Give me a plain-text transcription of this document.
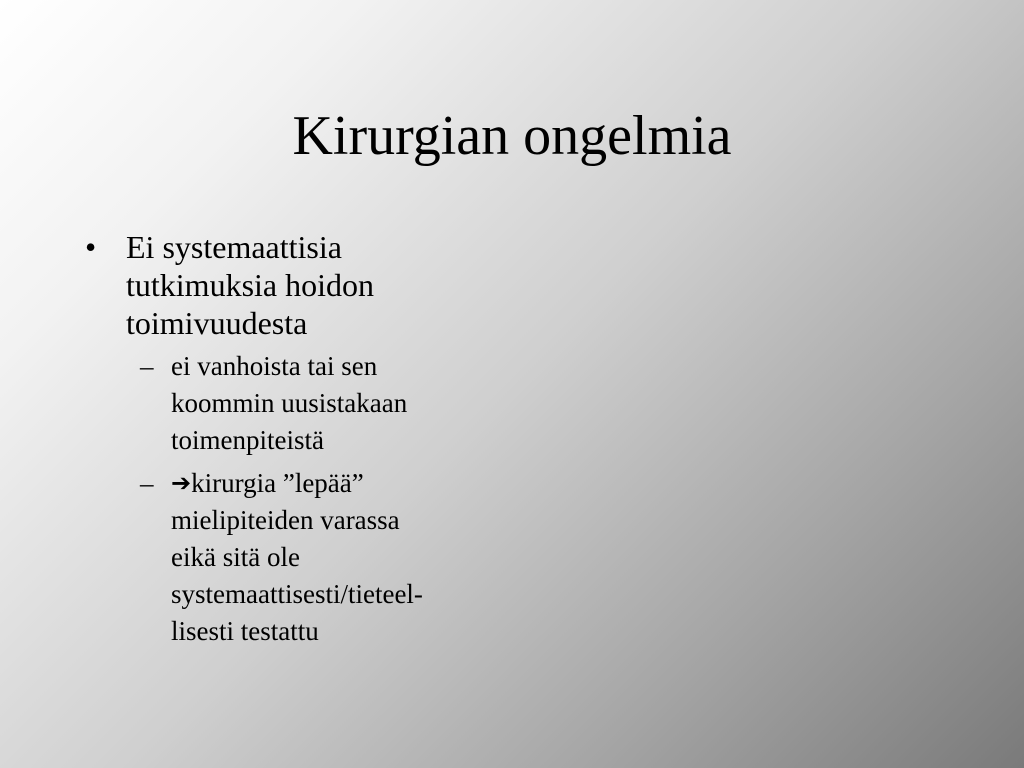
Kirurgian ongelmia
• Ei systemaattisia
tutkimuksia hoidon
toimivuudesta
– ei vanhoista tai sen
koommin uusistakaan
toimenpiteistä
– ➔kirurgia ”lepää”
mielipiteiden varassa
eikä sitä ole
systemaattisesti/tieteel-
lisesti testattu
